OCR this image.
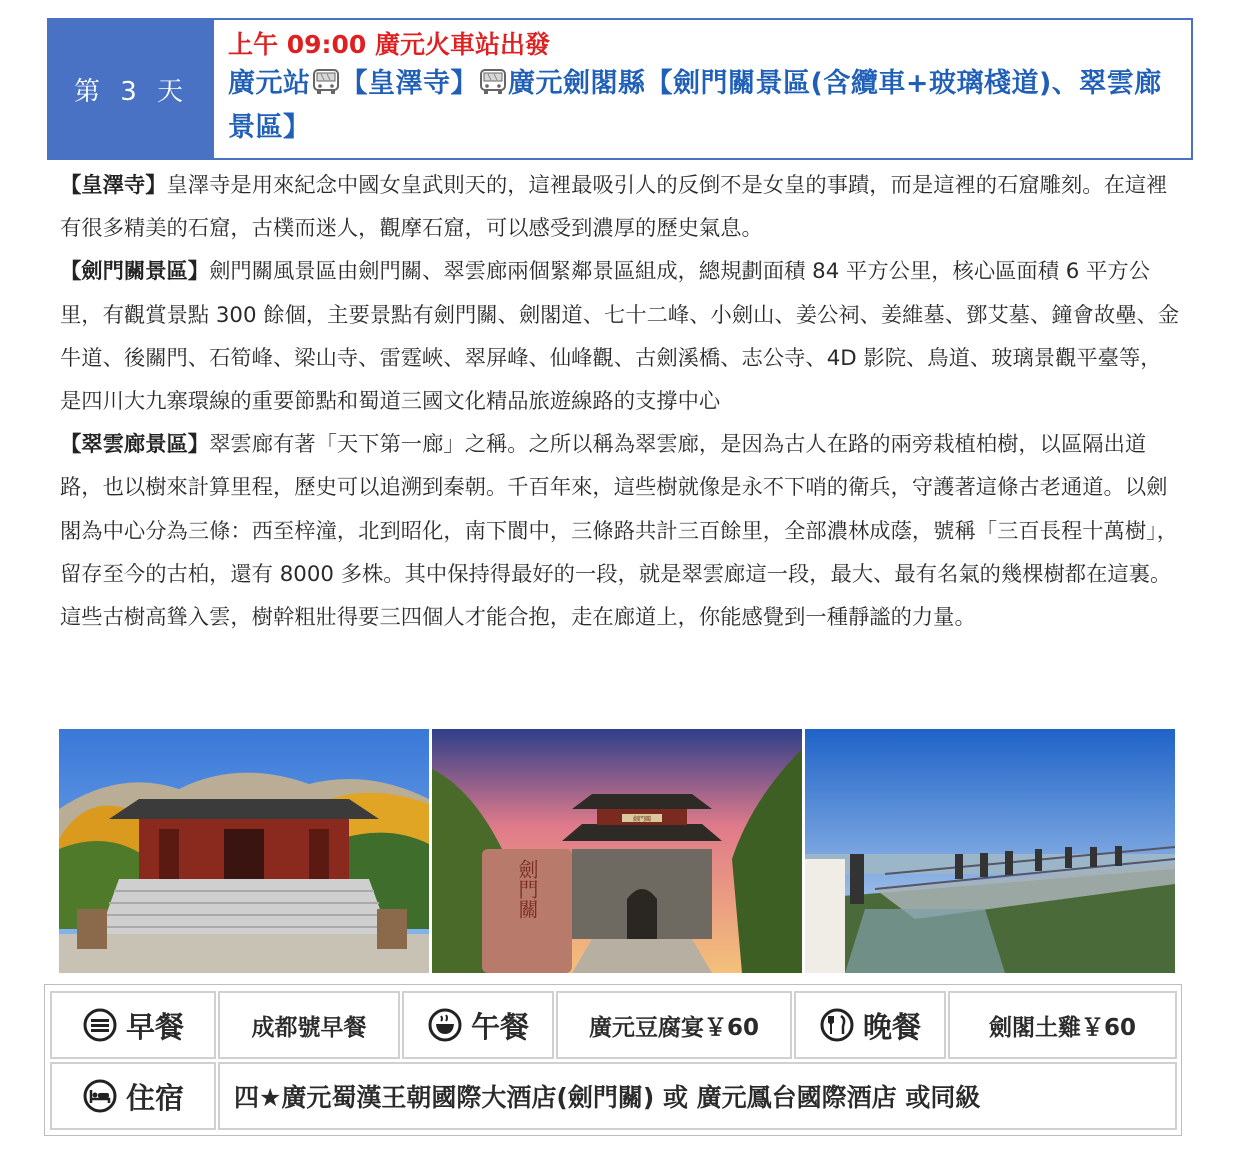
第 3 天
上午 09:00 廣元火車站出發
廣元站 【皇澤寺】 廣元劍閣縣【劍門關景區(含纜車+玻璃棧道)、翠雲廊景區】

【皇澤寺】皇澤寺是用來紀念中國女皇武則天的，這裡最吸引人的反倒不是女皇的事蹟，而是這裡的石窟雕刻。在這裡有很多精美的石窟，古樸而迷人，觀摩石窟，可以感受到濃厚的歷史氣息。

【劍門關景區】劍門關風景區由劍門關、翠雲廊兩個緊鄰景區組成，總規劃面積 84 平方公里，核心區面積 6 平方公里，有觀賞景點 300 餘個，主要景點有劍門關、劍閣道、七十二峰、小劍山、姜公祠、姜維墓、鄧艾墓、鐘會故壘、金牛道、後關門、石筍峰、梁山寺、雷霆峽、翠屏峰、仙峰觀、古劍溪橋、志公寺、4D 影院、鳥道、玻璃景觀平臺等，是四川大九寨環線的重要節點和蜀道三國文化精品旅遊線路的支撐中心

【翠雲廊景區】翠雲廊有著「天下第一廊」之稱。之所以稱為翠雲廊，是因為古人在路的兩旁栽植柏樹，以區隔出道路，也以樹來計算里程，歷史可以追溯到秦朝。千百年來，這些樹就像是永不下哨的衛兵，守護著這條古老通道。以劍閣為中心分為三條：西至梓潼，北到昭化，南下閬中，三條路共計三百餘里，全部濃林成蔭，號稱「三百長程十萬樹」，留存至今的古柏，還有 8000 多株。其中保持得最好的一段，就是翠雲廊這一段，最大、最有名氣的幾棵樹都在這裏。這些古樹高聳入雲，樹幹粗壯得要三四個人才能合抱，走在廊道上，你能感覺到一種靜謐的力量。

劍門關
劍門關
早餐	成都號早餐	午餐	廣元豆腐宴￥60	晚餐	劍閣土雞￥60
住宿	四★廣元蜀漢王朝國際大酒店(劍門關) 或 廣元鳳台國際酒店 或同級
